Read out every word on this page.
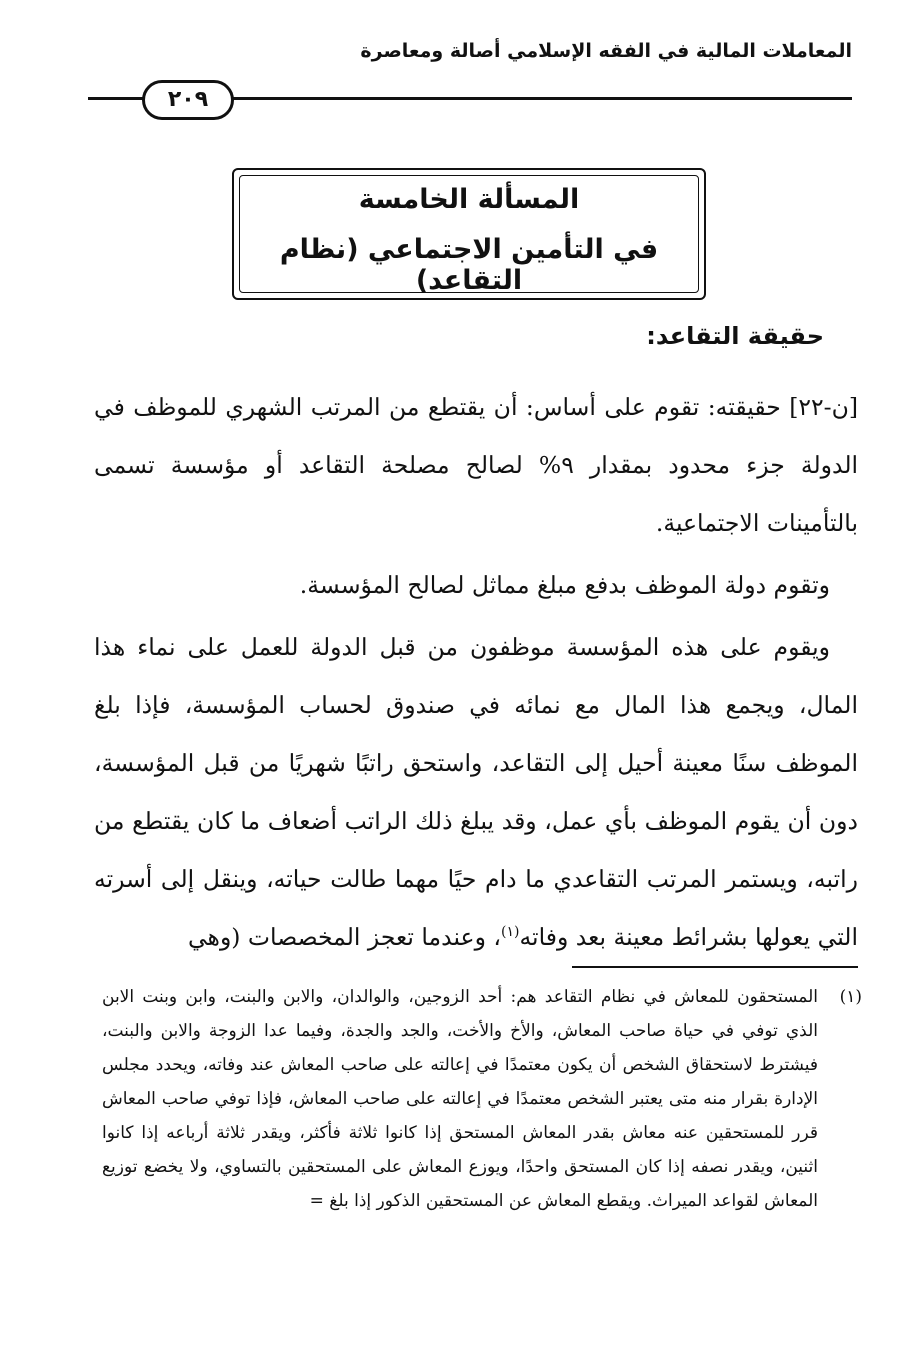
المعاملات المالية في الفقه الإسلامي أصالة ومعاصرة
٢٠٩
المسألة الخامسة
في التأمين الاجتماعي (نظام التقاعد)
حقيقة التقاعد:

[ن-٢٢] حقيقته: تقوم على أساس: أن يقتطع من المرتب الشهري للموظف في الدولة جزء محدود بمقدار ٩% لصالح مصلحة التقاعد أو مؤسسة تسمى بالتأمينات الاجتماعية.

وتقوم دولة الموظف بدفع مبلغ مماثل لصالح المؤسسة.

ويقوم على هذه المؤسسة موظفون من قبل الدولة للعمل على نماء هذا المال، ويجمع هذا المال مع نمائه في صندوق لحساب المؤسسة، فإذا بلغ الموظف سنًا معينة أحيل إلى التقاعد، واستحق راتبًا شهريًا من قبل المؤسسة، دون أن يقوم الموظف بأي عمل، وقد يبلغ ذلك الراتب أضعاف ما كان يقتطع من راتبه، ويستمر المرتب التقاعدي ما دام حيًا مهما طالت حياته، وينقل إلى أسرته التي يعولها بشرائط معينة بعد وفاته$^{(١)}$، وعندما تعجز المخصصات (وهي

(١)
المستحقون للمعاش في نظام التقاعد هم: أحد الزوجين، والوالدان، والابن والبنت، وابن وبنت الابن الذي توفي في حياة صاحب المعاش، والأخ والأخت، والجد والجدة، وفيما عدا الزوجة والابن والبنت، فيشترط لاستحقاق الشخص أن يكون معتمدًا في إعالته على صاحب المعاش عند وفاته، ويحدد مجلس الإدارة بقرار منه متى يعتبر الشخص معتمدًا في إعالته على صاحب المعاش، فإذا توفي صاحب المعاش قرر للمستحقين عنه معاش بقدر المعاش المستحق إذا كانوا ثلاثة فأكثر، ويقدر ثلاثة أرباعه إذا كانوا اثنين، ويقدر نصفه إذا كان المستحق واحدًا، ويوزع المعاش على المستحقين بالتساوي، ولا يخضع توزيع المعاش لقواعد الميراث. ويقطع المعاش عن المستحقين الذكور إذا بلغ =
